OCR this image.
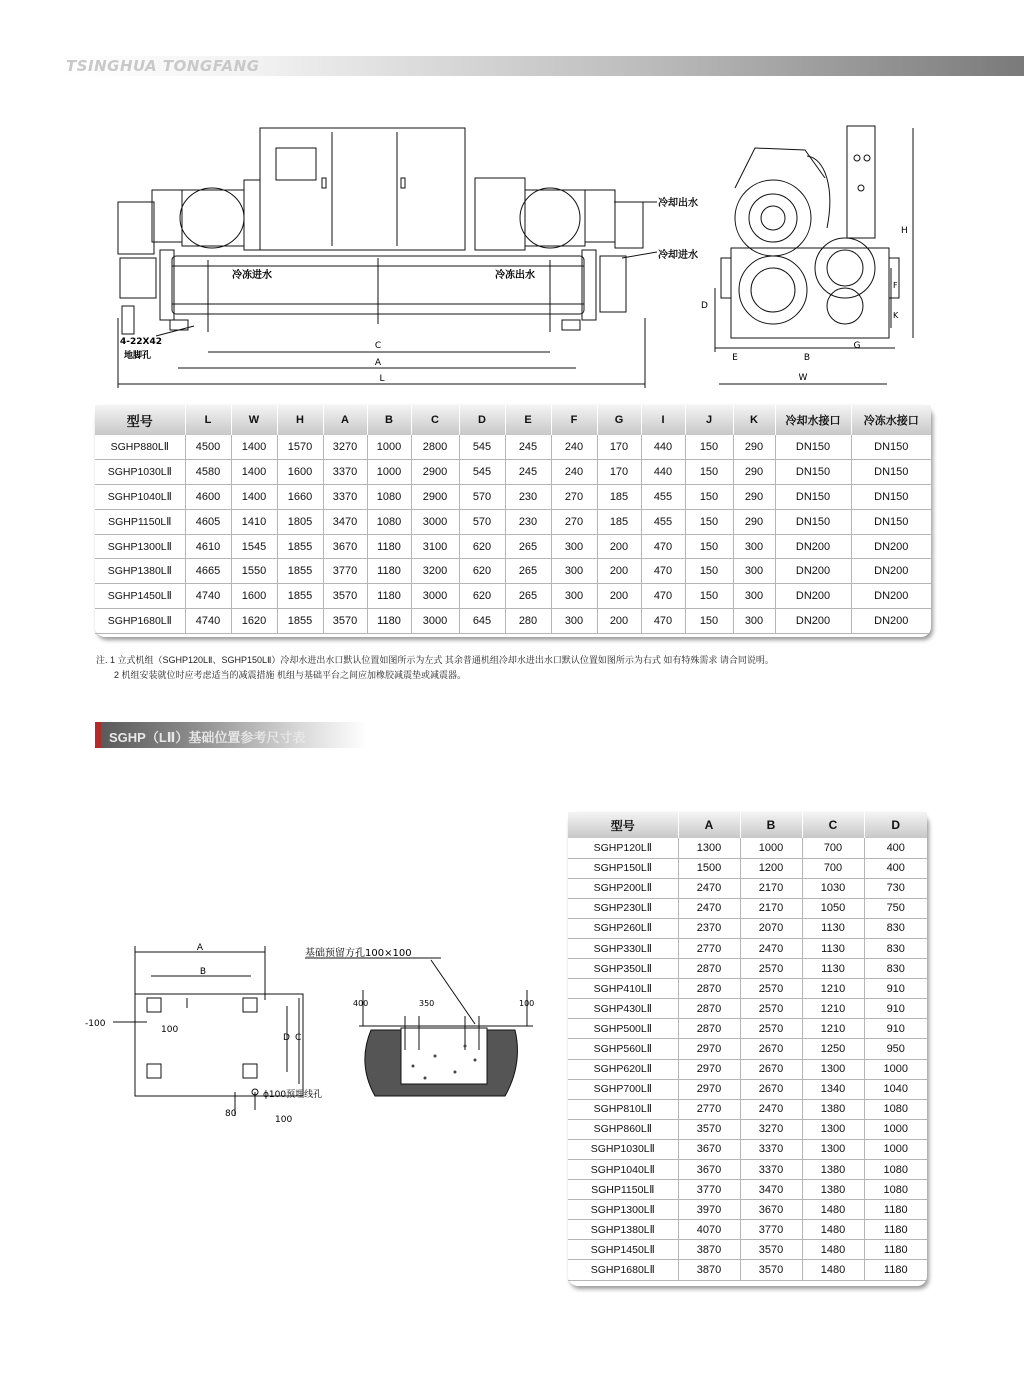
TSINGHUA TONGFANG
C
A
L
冷冻进水	冷冻出水
4-22X42
地脚孔
冷却出水
冷却进水
E	B
G
W
D
H
F
K
型号	L	W	H	A	B	C	D	E	F	G	I	J	K	冷却水接口	冷冻水接口
SGHP880LⅡ	4500	1400	1570	3270	1000	2800	545	245	240	170	440	150	290	DN150	DN150
SGHP1030LⅡ	4580	1400	1600	3370	1000	2900	545	245	240	170	440	150	290	DN150	DN150
SGHP1040LⅡ	4600	1400	1660	3370	1080	2900	570	230	270	185	455	150	290	DN150	DN150
SGHP1150LⅡ	4605	1410	1805	3470	1080	3000	570	230	270	185	455	150	290	DN150	DN150
SGHP1300LⅡ	4610	1545	1855	3670	1180	3100	620	265	300	200	470	150	300	DN200	DN200
SGHP1380LⅡ	4665	1550	1855	3770	1180	3200	620	265	300	200	470	150	300	DN200	DN200
SGHP1450LⅡ	4740	1600	1855	3570	1180	3000	620	265	300	200	470	150	300	DN200	DN200
SGHP1680LⅡ	4740	1620	1855	3570	1180	3000	645	280	300	200	470	150	300	DN200	DN200
注. 1 立式机组（SGHP120LⅡ、SGHP150LⅡ）冷却水进出水口默认位置如图所示为左式 其余普通机组冷却水进出水口默认位置如图所示为右式 如有特殊需求 请合同说明。
2 机组安装就位时应考虑适当的减震措施 机组与基础平台之间应加橡胶减震垫或减震器。
SGHP（LⅡ）基础位置参考尺寸表
A
B
D C
-100
100
80
100
ϕ100预埋线孔
基础预留方孔100×100
400	350	100
型号	A	B	C	D
SGHP120LⅡ	1300	1000	700	400
SGHP150LⅡ	1500	1200	700	400
SGHP200LⅡ	2470	2170	1030	730
SGHP230LⅡ	2470	2170	1050	750
SGHP260LⅡ	2370	2070	1130	830
SGHP330LⅡ	2770	2470	1130	830
SGHP350LⅡ	2870	2570	1130	830
SGHP410LⅡ	2870	2570	1210	910
SGHP430LⅡ	2870	2570	1210	910
SGHP500LⅡ	2870	2570	1210	910
SGHP560LⅡ	2970	2670	1250	950
SGHP620LⅡ	2970	2670	1300	1000
SGHP700LⅡ	2970	2670	1340	1040
SGHP810LⅡ	2770	2470	1380	1080
SGHP860LⅡ	3570	3270	1300	1000
SGHP1030LⅡ	3670	3370	1300	1000
SGHP1040LⅡ	3670	3370	1380	1080
SGHP1150LⅡ	3770	3470	1380	1080
SGHP1300LⅡ	3970	3670	1480	1180
SGHP1380LⅡ	4070	3770	1480	1180
SGHP1450LⅡ	3870	3570	1480	1180
SGHP1680LⅡ	3870	3570	1480	1180
